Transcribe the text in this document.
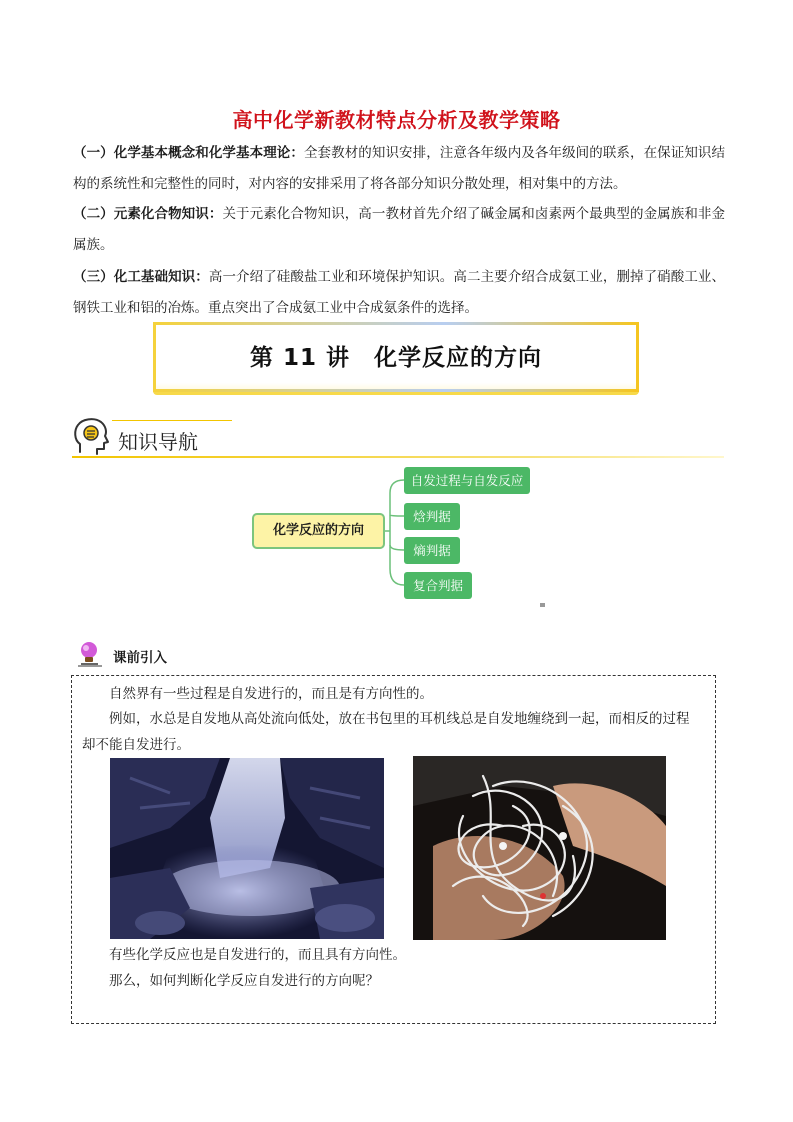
高中化学新教材特点分析及教学策略
（一）化学基本概念和化学基本理论：全套教材的知识安排，注意各年级内及各年级间的联系，在保证知识结构的系统性和完整性的同时，对内容的安排采用了将各部分知识分散处理，相对集中的方法。
（二）元素化合物知识：关于元素化合物知识，高一教材首先介绍了碱金属和卤素两个最典型的金属族和非金属族。
（三）化工基础知识：高一介绍了硅酸盐工业和环境保护知识。高二主要介绍合成氨工业，删掉了硝酸工业、钢铁工业和铝的冶炼。重点突出了合成氨工业中合成氨条件的选择。
第 11 讲　化学反应的方向
知识导航
化学反应的方向
自发过程与自发反应
焓判据
熵判据
复合判据
课前引入
自然界有一些过程是自发进行的，而且是有方向性的。
例如，水总是自发地从高处流向低处，放在书包里的耳机线总是自发地缠绕到一起，而相反的过程
却不能自发进行。
有些化学反应也是自发进行的，而且具有方向性。
那么，如何判断化学反应自发进行的方向呢？
